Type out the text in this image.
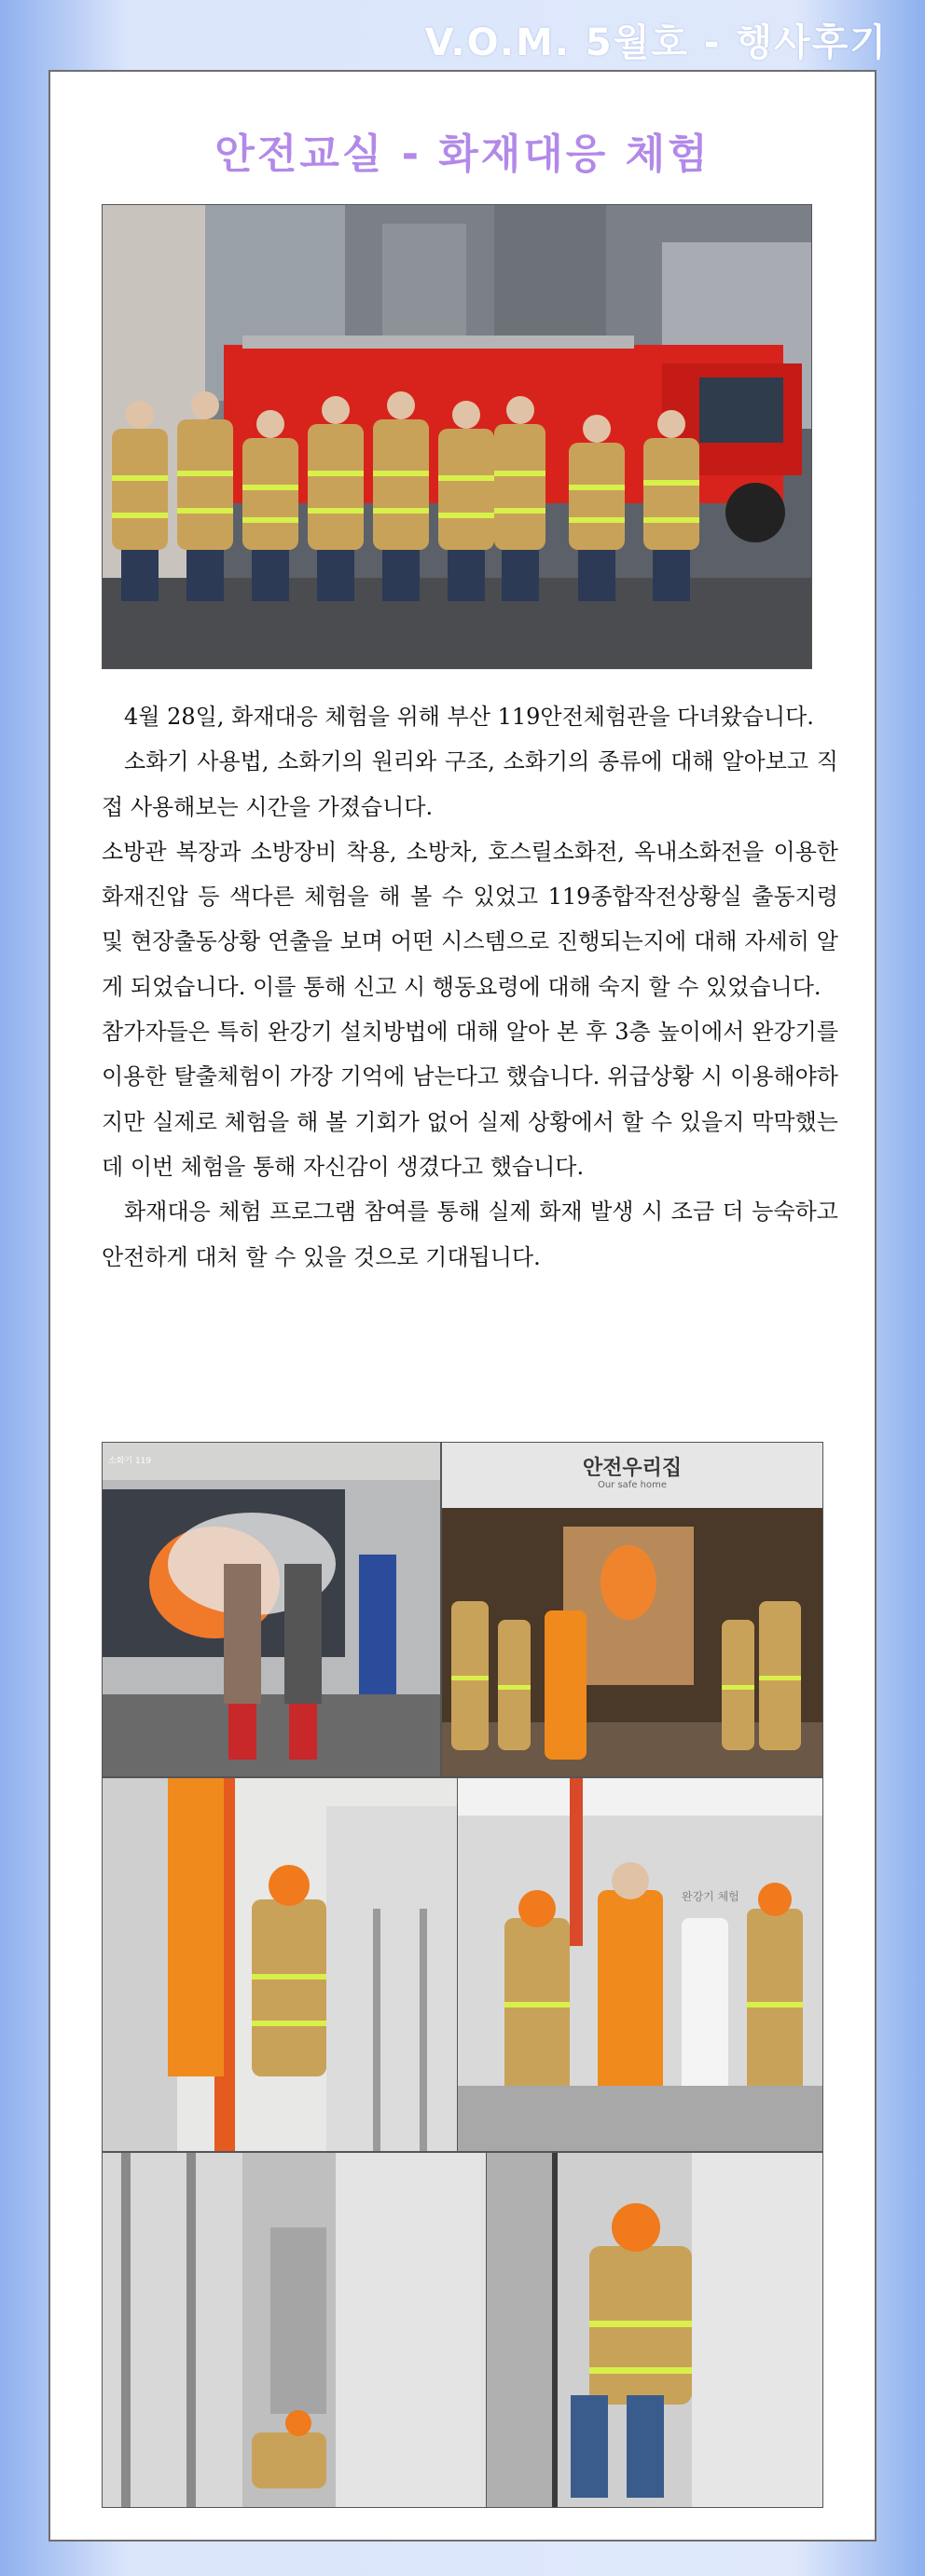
V.O.M. 5월호 - 행사후기
안전교실 - 화재대응 체험

4월 28일, 화재대응 체험을 위해 부산 119안전체험관을 다녀왔습니다.

소화기 사용법, 소화기의 원리와 구조, 소화기의 종류에 대해 알아보고 직접 사용해보는 시간을 가졌습니다.

소방관 복장과 소방장비 착용, 소방차, 호스릴소화전, 옥내소화전을 이용한 화재진압 등 색다른 체험을 해 볼 수 있었고 119종합작전상황실 출동지령 및 현장출동상황 연출을 보며 어떤 시스템으로 진행되는지에 대해 자세히 알게 되었습니다. 이를 통해 신고 시 행동요령에 대해 숙지 할 수 있었습니다.

참가자들은 특히 완강기 설치방법에 대해 알아 본 후 3층 높이에서 완강기를 이용한 탈출체험이 가장 기억에 남는다고 했습니다. 위급상황 시 이용해야하지만 실제로 체험을 해 볼 기회가 없어 실제 상황에서 할 수 있을지 막막했는데 이번 체험을 통해 자신감이 생겼다고 했습니다.

화재대응 체험 프로그램 참여를 통해 실제 화재 발생 시 조금 더 능숙하고 안전하게 대처 할 수 있을 것으로 기대됩니다.

소화기 119	안전우리집
Our safe home
완강기 체험
